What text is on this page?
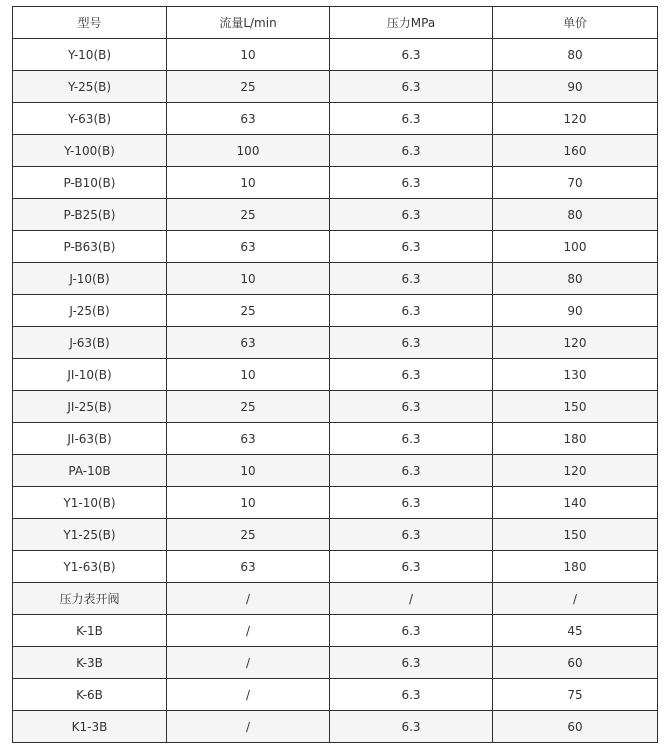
型号	流量L/min	压力MPa	单价
Y-10(B)	10	6.3	80
Y-25(B)	25	6.3	90
Y-63(B)	63	6.3	120
Y-100(B)	100	6.3	160
P-B10(B)	10	6.3	70
P-B25(B)	25	6.3	80
P-B63(B)	63	6.3	100
J-10(B)	10	6.3	80
J-25(B)	25	6.3	90
J-63(B)	63	6.3	120
JI-10(B)	10	6.3	130
JI-25(B)	25	6.3	150
JI-63(B)	63	6.3	180
PA-10B	10	6.3	120
Y1-10(B)	10	6.3	140
Y1-25(B)	25	6.3	150
Y1-63(B)	63	6.3	180
压力表开阀	/	/	/
K-1B	/	6.3	45
K-3B	/	6.3	60
K-6B	/	6.3	75
K1-3B	/	6.3	60
